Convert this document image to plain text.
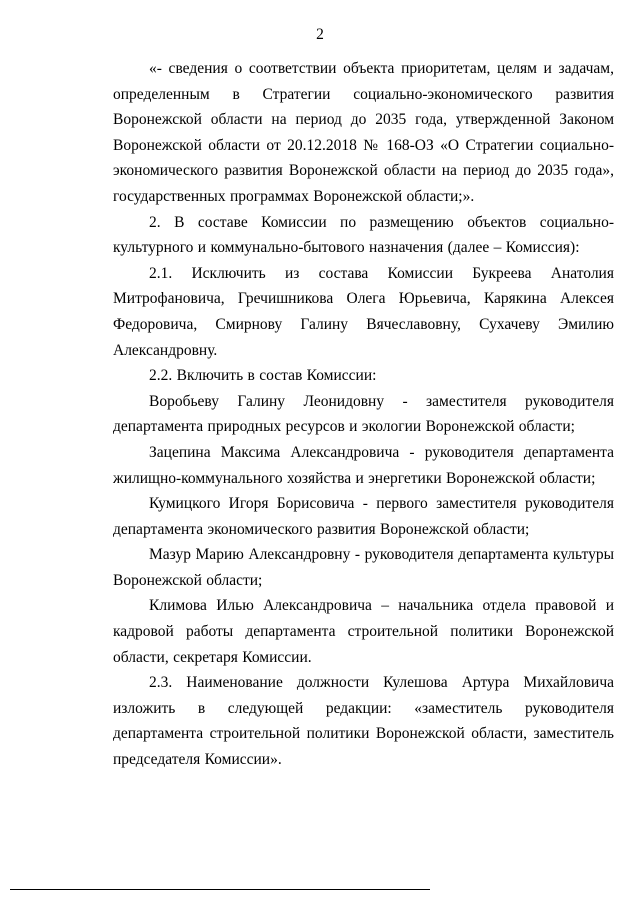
2

«- сведения о соответствии объекта приоритетам, целям и задачам, определенным в Стратегии социально-экономического развития Воронежской области на период до 2035 года, утвержденной Законом Воронежской области от 20.12.2018 № 168-ОЗ «О Стратегии социально-экономического развития Воронежской области на период до 2035 года», государственных программах Воронежской области;».

2. В составе Комиссии по размещению объектов социально-культурного и коммунально-бытового назначения (далее – Комиссия):

2.1. Исключить из состава Комиссии Букреева Анатолия Митрофановича, Гречишникова Олега Юрьевича, Карякина Алексея Федоровича, Смирнову Галину Вячеславовну, Сухачеву Эмилию Александровну.

2.2. Включить в состав Комиссии:

Воробьеву Галину Леонидовну - заместителя руководителя департамента природных ресурсов и экологии Воронежской области;

Зацепина Максима Александровича - руководителя департамента жилищно-коммунального хозяйства и энергетики Воронежской области;

Кумицкого Игоря Борисовича - первого заместителя руководителя департамента экономического развития Воронежской области;

Мазур Марию Александровну - руководителя департамента культуры Воронежской области;

Климова Илью Александровича – начальника отдела правовой и кадровой работы департамента строительной политики Воронежской области, секретаря Комиссии.

2.3. Наименование должности Кулешова Артура Михайловича изложить в следующей редакции: «заместитель руководителя департамента строительной политики Воронежской области, заместитель председателя Комиссии».
